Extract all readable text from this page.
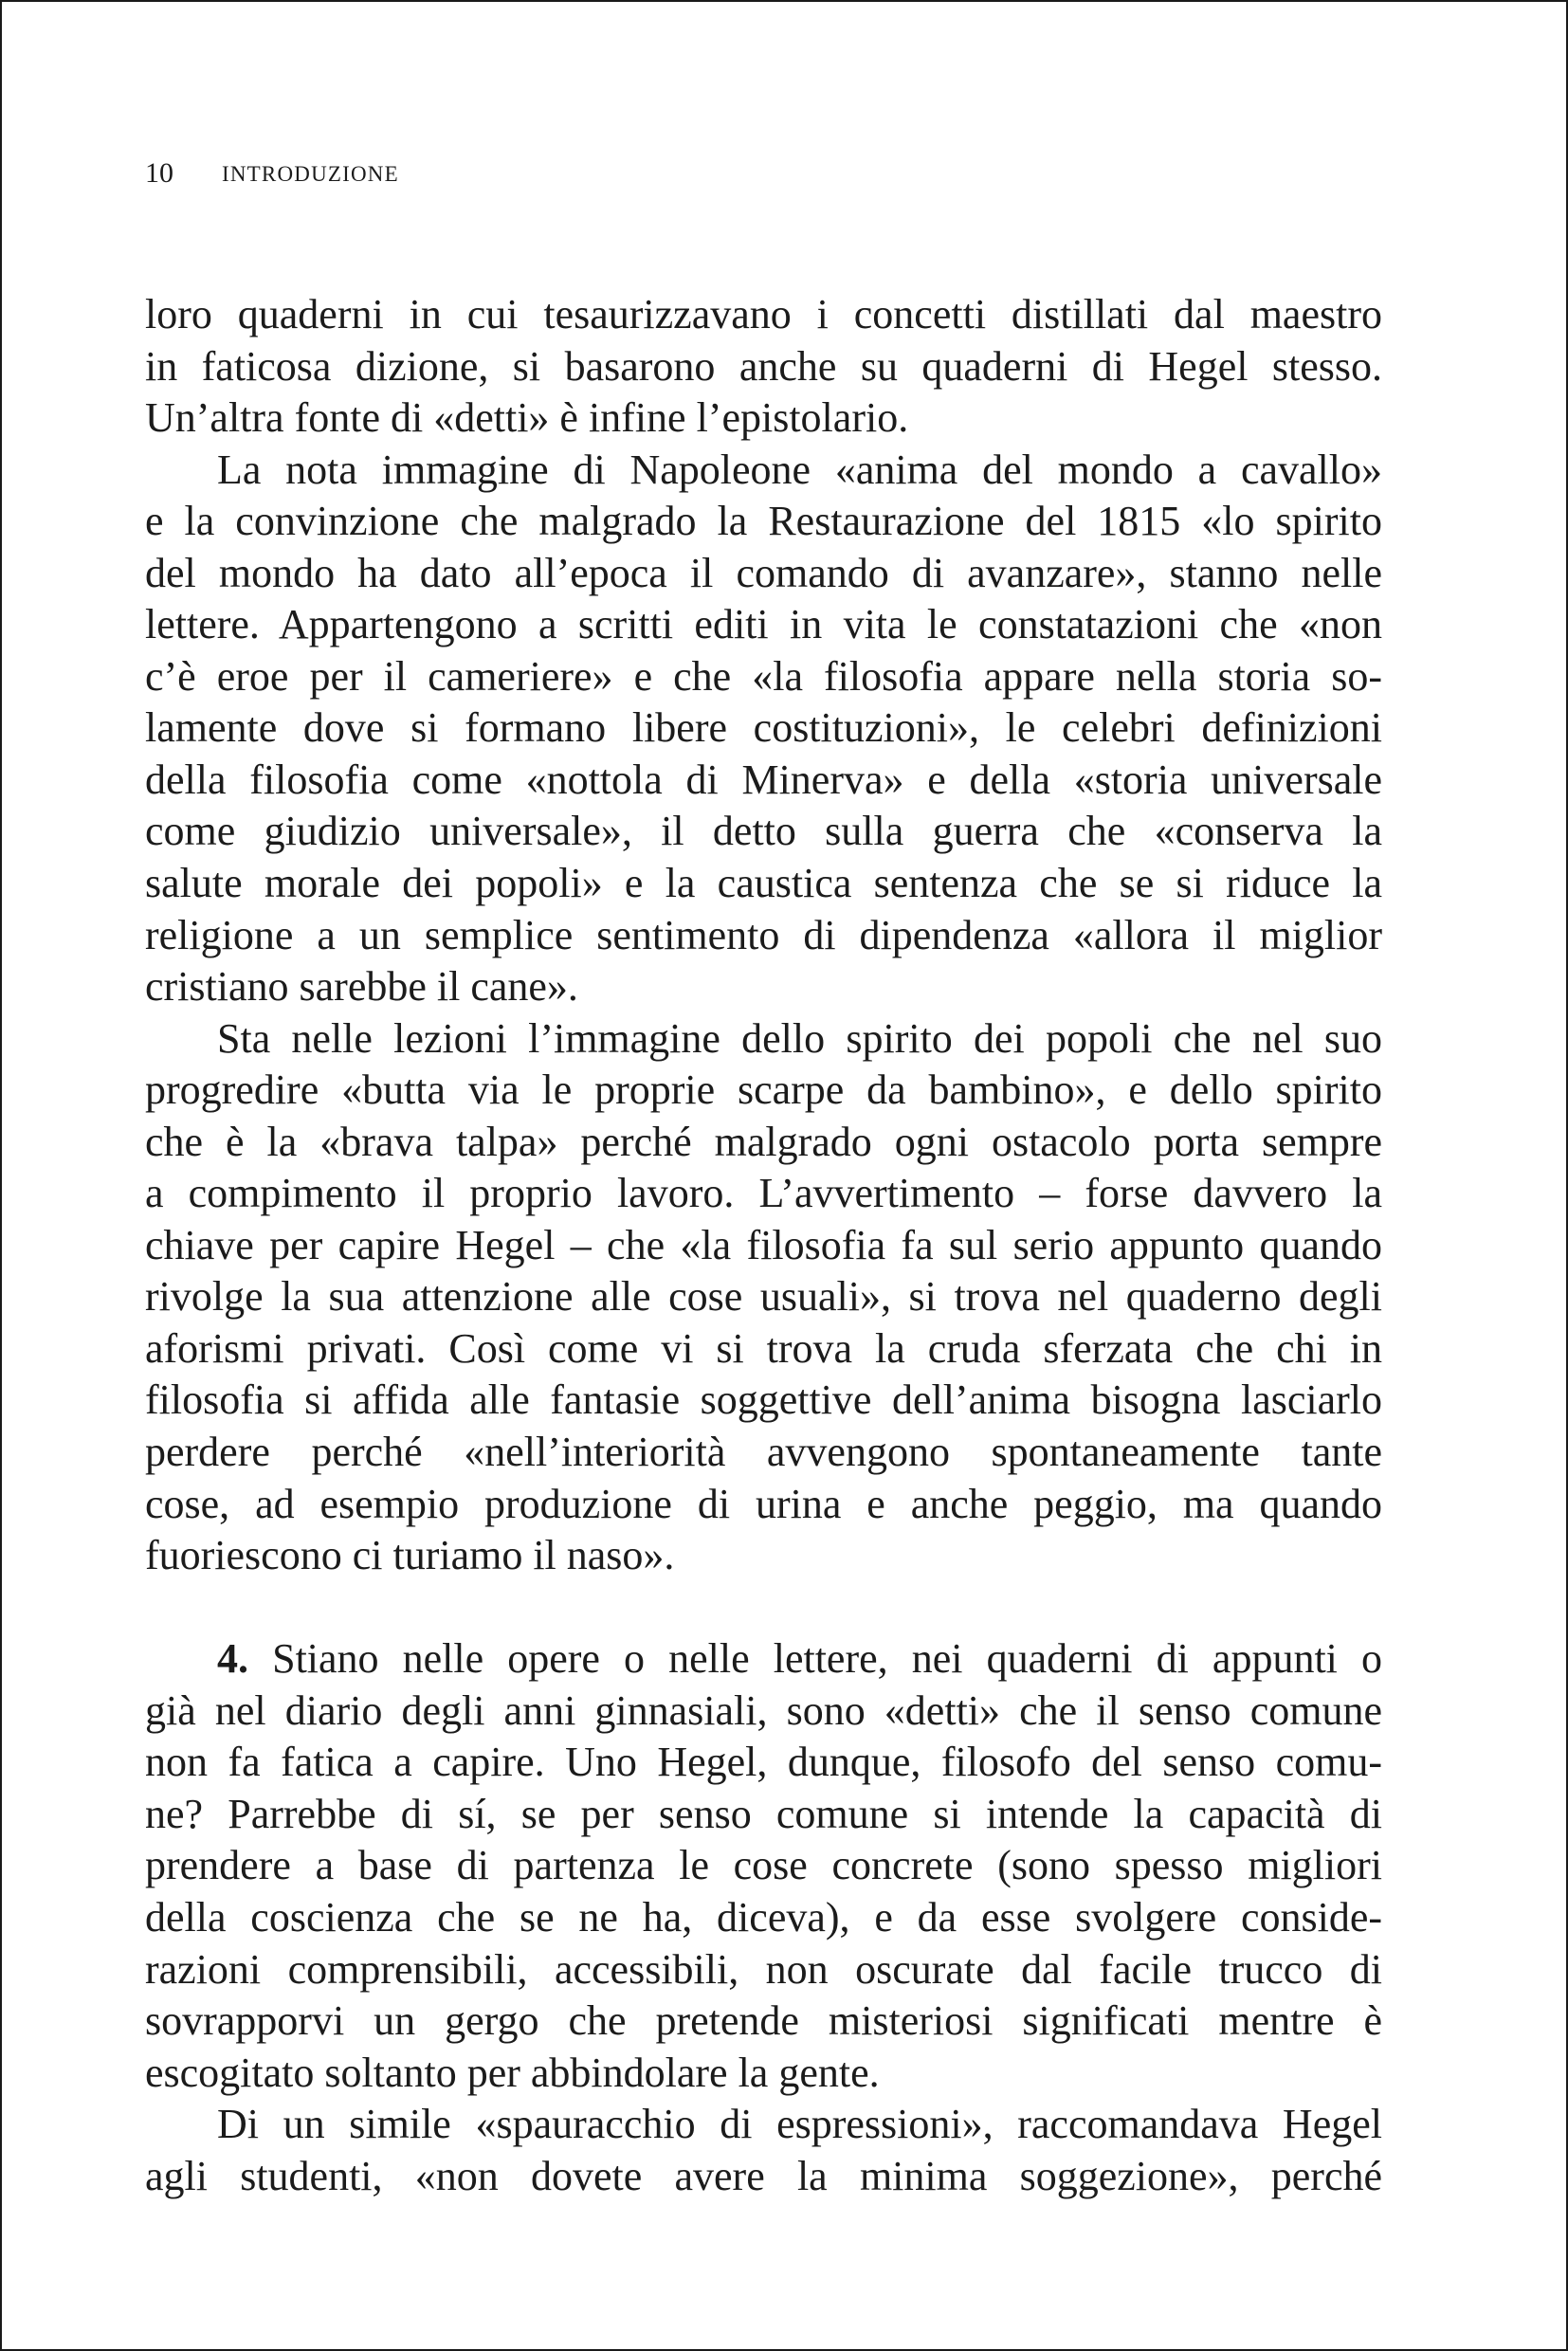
10 INTRODUZIONE
loro quaderni in cui tesaurizzavano i concetti distillati dal maestro
in faticosa dizione, si basarono anche su quaderni di Hegel stesso.
Un’altra fonte di «detti» è infine l’epistolario.
La nota immagine di Napoleone «anima del mondo a cavallo»
e la convinzione che malgrado la Restaurazione del 1815 «lo spirito
del mondo ha dato all’epoca il comando di avanzare», stanno nelle
lettere. Appartengono a scritti editi in vita le constatazioni che «non
c’è eroe per il cameriere» e che «la filosofia appare nella storia so-
lamente dove si formano libere costituzioni», le celebri definizioni
della filosofia come «nottola di Minerva» e della «storia universale
come giudizio universale», il detto sulla guerra che «conserva la
salute morale dei popoli» e la caustica sentenza che se si riduce la
religione a un semplice sentimento di dipendenza «allora il miglior
cristiano sarebbe il cane».
Sta nelle lezioni l’immagine dello spirito dei popoli che nel suo
progredire «butta via le proprie scarpe da bambino», e dello spirito
che è la «brava talpa» perché malgrado ogni ostacolo porta sempre
a compimento il proprio lavoro. L’avvertimento – forse davvero la
chiave per capire Hegel – che «la filosofia fa sul serio appunto quando
rivolge la sua attenzione alle cose usuali», si trova nel quaderno degli
aforismi privati. Così come vi si trova la cruda sferzata che chi in
filosofia si affida alle fantasie soggettive dell’anima bisogna lasciarlo
perdere perché «nell’interiorità avvengono spontaneamente tante
cose, ad esempio produzione di urina e anche peggio, ma quando
fuoriescono ci turiamo il naso».
4. Stiano nelle opere o nelle lettere, nei quaderni di appunti o
già nel diario degli anni ginnasiali, sono «detti» che il senso comune
non fa fatica a capire. Uno Hegel, dunque, filosofo del senso comu-
ne? Parrebbe di sí, se per senso comune si intende la capacità di
prendere a base di partenza le cose concrete (sono spesso migliori
della coscienza che se ne ha, diceva), e da esse svolgere conside-
razioni comprensibili, accessibili, non oscurate dal facile trucco di
sovrapporvi un gergo che pretende misteriosi significati mentre è
escogitato soltanto per abbindolare la gente.
Di un simile «spauracchio di espressioni», raccomandava Hegel
agli studenti, «non dovete avere la minima soggezione», perché
